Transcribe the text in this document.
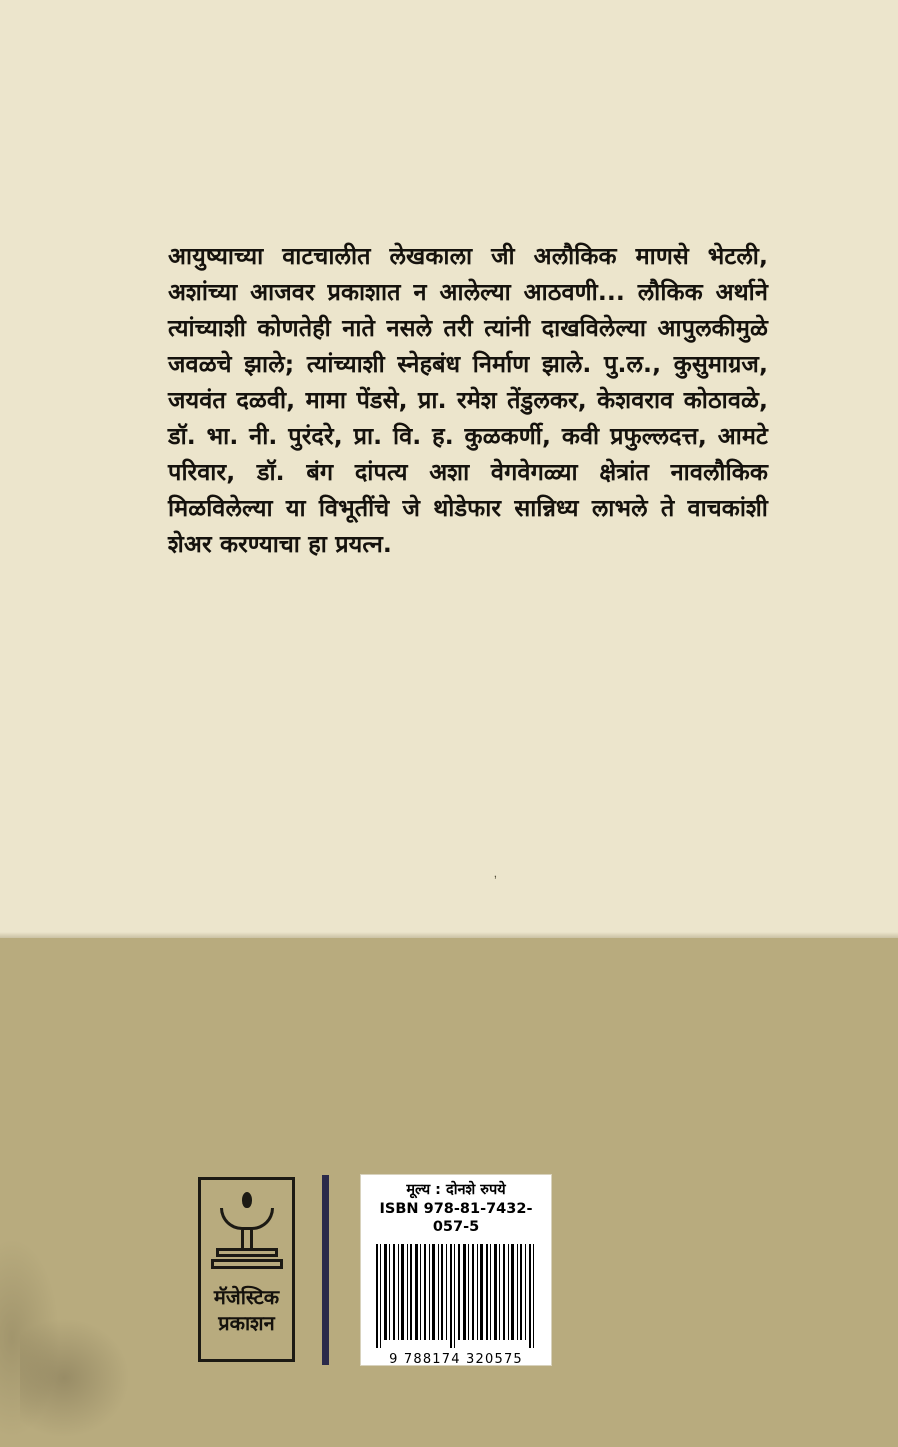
आयुष्याच्या वाटचालीत लेखकाला जी अलौकिक माणसे भेटली, अशांच्या आजवर प्रकाशात न आलेल्या आठवणी... लौकिक अर्थाने त्यांच्याशी कोणतेही नाते नसले तरी त्यांनी दाखविलेल्या आपुलकीमुळे जवळचे झाले; त्यांच्याशी स्नेहबंध निर्माण झाले. पु.ल., कुसुमाग्रज, जयवंत दळवी, मामा पेंडसे, प्रा. रमेश तेंडुलकर, केशवराव कोठावळे, डॉ. भा. नी. पुरंदरे, प्रा. वि. ह. कुळकर्णी, कवी प्रफुल्लदत्त, आमटे परिवार, डॉ. बंग दांपत्य अशा वेगवेगळ्या क्षेत्रांत नावलौकिक मिळविलेल्या या विभूतींचे जे थोडेफार सान्निध्य लाभले ते वाचकांशी शेअर करण्याचा हा प्रयत्न.
ʼ
मॅजेस्टिक
प्रकाशन
मूल्य : दोनशे रुपये
ISBN 978-81-7432-057-5
9 788174 320575
